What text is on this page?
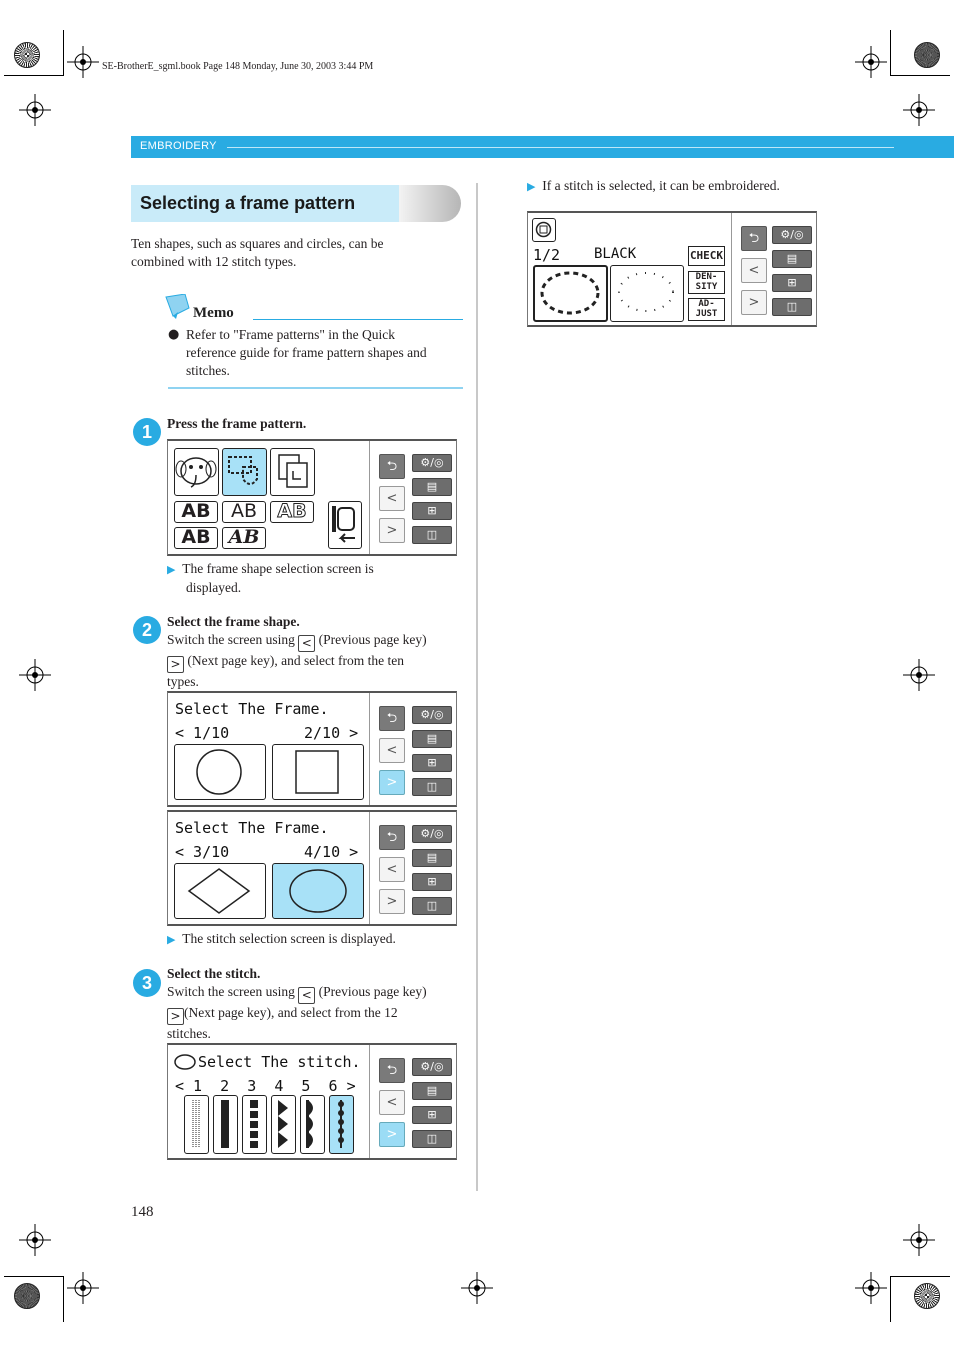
SE-BrotherE_sgml.book Page 148 Monday, June 30, 2003 3:44 PM
EMBROIDERY
Selecting a frame pattern
Ten shapes, such as squares and circles, can be
combined with 12 stitch types.
Memo
● Refer to "Frame patterns" in the Quick
reference guide for frame pattern shapes and
stitches.
1	Press the frame pattern.
AB	AB	AB
AB AB
⮌
<
>
⚙/◎
▤
⊞
◫
▶ The frame shape selection screen is
displayed.
2	Select the frame shape.
Switch the screen using < (Previous page key)
> (Next page key), and select from the ten
types.
Select The Frame.
< 1/10	2/10 >
⮌
<
>
⚙/◎
▤
⊞
◫
Select The Frame.
< 3/10	4/10 >
⮌
<
>
⚙/◎
▤
⊞
◫
▶ The stitch selection screen is displayed.
3	Select the stitch.
Switch the screen using < (Previous page key)
> (Next page key), and select from the 12
stitches.
Select The stitch.
< 1  2  3  4  5  6 >
⮌
<
>
⚙/◎
▤
⊞
◫
▶ If a stitch is selected, it can be embroidered.
1/2 BLACK	CHECK
DEN-
SITY
AD-
JUST
⮌
<
>
⚙/◎
▤
⊞
◫
148
